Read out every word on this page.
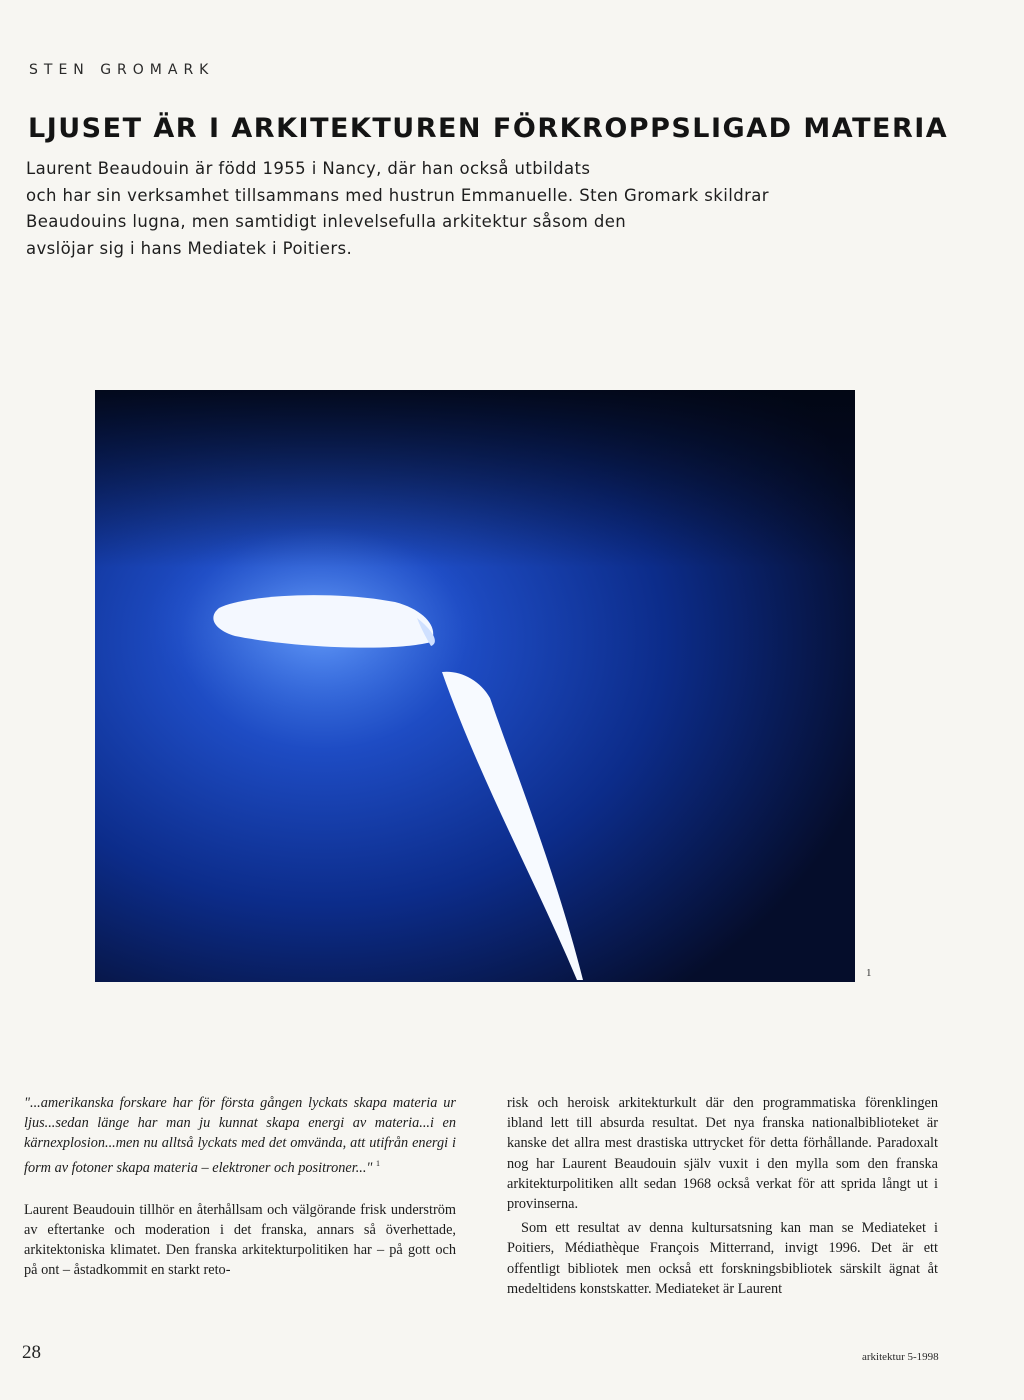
STEN GROMARK
LJUSET ÄR I ARKITEKTUREN FÖRKROPPSLIGAD MATERIA
Laurent Beaudouin är född 1955 i Nancy, där han också utbildats
och har sin verksamhet tillsammans med hustrun Emmanuelle. Sten Gromark skildrar
Beaudouins lugna, men samtidigt inlevelsefulla arkitektur såsom den
avslöjar sig i hans Mediatek i Poitiers.
1

"...amerikanska forskare har för första gången lyckats skapa materia ur ljus...sedan länge har man ju kunnat skapa energi av materia...i en kärnexplosion...men nu alltså lyckats med det omvända, att utifrån energi i form av fotoner skapa materia – elektroner och positroner..." $^1$

Laurent Beaudouin tillhör en återhållsam och välgörande frisk underström av eftertanke och moderation i det franska, annars så överhettade, arkitektoniska klimatet. Den franska arkitekturpolitiken har – på gott och på ont – åstadkommit en starkt reto-

risk och heroisk arkitekturkult där den programmatiska förenklingen ibland lett till absurda resultat. Det nya franska nationalbiblioteket är kanske det allra mest drastiska uttrycket för detta förhållande. Paradoxalt nog har Laurent Beaudouin själv vuxit i den mylla som den franska arkitekturpolitiken allt sedan 1968 också verkat för att sprida långt ut i provinserna.

Som ett resultat av denna kultursatsning kan man se Mediateket i Poitiers, Médiathèque François Mitterrand, invigt 1996. Det är ett offentligt bibliotek men också ett forskningsbibliotek särskilt ägnat åt medeltidens konstskatter. Mediateket är Laurent

28	arkitektur 5-1998
